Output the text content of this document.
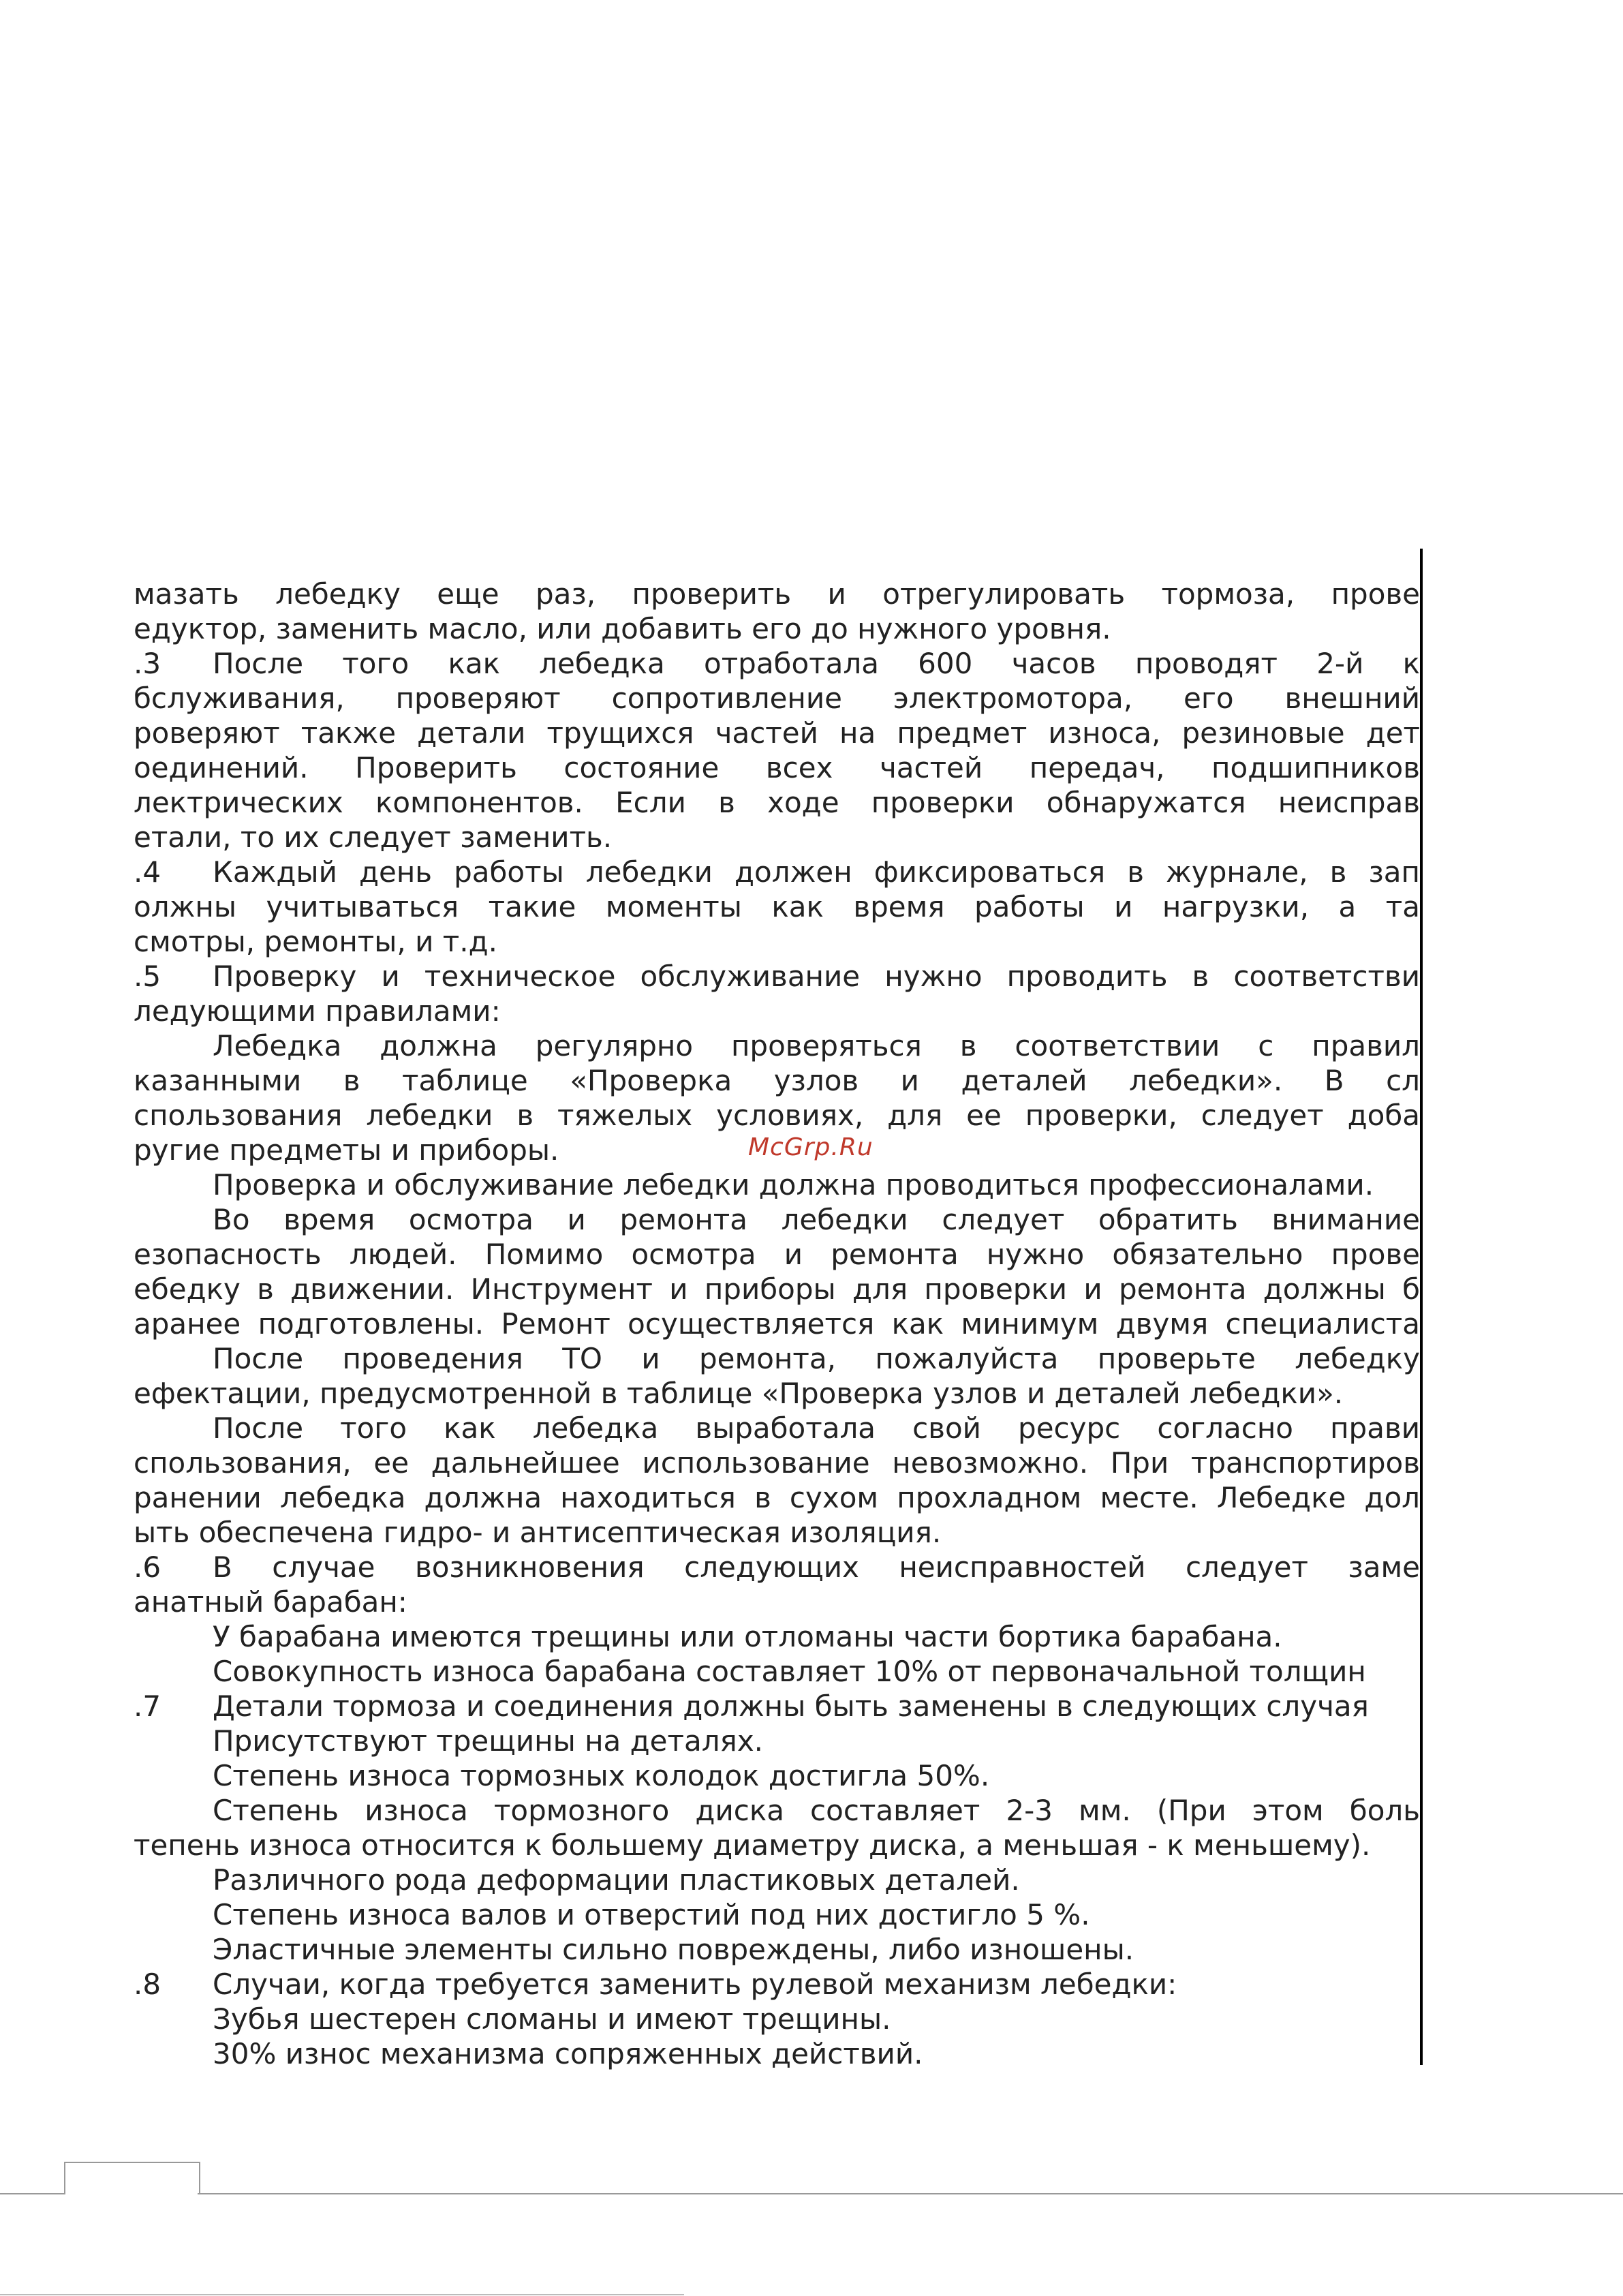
мазать лебедку еще раз, проверить и отрегулировать тормоза, прове
едуктор, заменить масло, или добавить его до нужного уровня.
.3 После того как лебедка отработала 600 часов проводят 2-й к
бслуживания, проверяют сопротивление электромотора, его внешний
роверяют также детали трущихся частей на предмет износа, резиновые дет
оединений. Проверить состояние всех частей передач, подшипников
лектрических компонентов. Если в ходе проверки обнаружатся неисправ
етали, то их следует заменить.
.4 Каждый день работы лебедки должен фиксироваться в журнале, в зап
олжны учитываться такие моменты как время работы и нагрузки, а та
смотры, ремонты, и т.д.
.5 Проверку и техническое обслуживание нужно проводить в соответстви
ледующими правилами:
Лебедка должна регулярно проверяться в соответствии с правил
казанными в таблице «Проверка узлов и деталей лебедки». В сл
спользования лебедки в тяжелых условиях, для ее проверки, следует доба
ругие предметы и приборы.
Проверка и обслуживание лебедки должна проводиться профессионалами.
Во время осмотра и ремонта лебедки следует обратить внимание
езопасность людей. Помимо осмотра и ремонта нужно обязательно прове
ебедку в движении. Инструмент и приборы для проверки и ремонта должны б
аранее подготовлены. Ремонт осуществляется как минимум двумя специалиста
После проведения ТО и ремонта, пожалуйста проверьте лебедку
ефектации, предусмотренной в таблице «Проверка узлов и деталей лебедки».
После того как лебедка выработала свой ресурс согласно прави
спользования, ее дальнейшее использование невозможно. При транспортиров
ранении лебедка должна находиться в сухом прохладном месте. Лебедке дол
ыть обеспечена гидро- и антисептическая изоляция.
.6 В случае возникновения следующих неисправностей следует заме
анатный барабан:
У барабана имеются трещины или отломаны части бортика барабана.
Совокупность износа барабана составляет 10% от первоначальной толщин
.7 Детали тормоза и соединения должны быть заменены в следующих случая
Присутствуют трещины на деталях.
Степень износа тормозных колодок достигла 50%.
Степень износа тормозного диска составляет 2-3 мм. (При этом боль
тепень износа относится к большему диаметру диска, а меньшая - к меньшему).
Различного рода деформации пластиковых деталей.
Степень износа валов и отверстий под них достигло 5 %.
Эластичные элементы сильно повреждены, либо изношены.
.8 Случаи, когда требуется заменить рулевой механизм лебедки:
Зубья шестерен сломаны и имеют трещины.
30% износ механизма сопряженных действий.
McGrp.Ru
